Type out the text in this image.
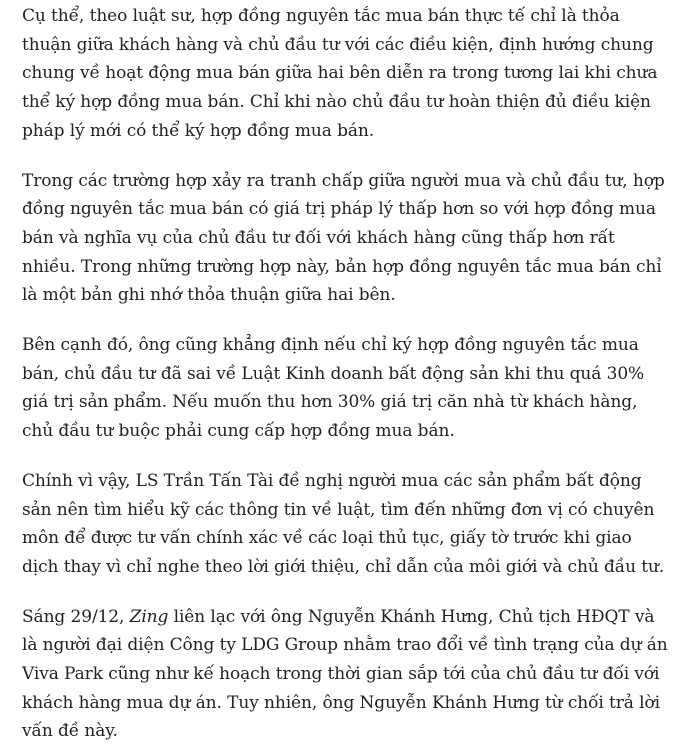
Cụ thể, theo luật sư, hợp đồng nguyên tắc mua bán thực tế chỉ là thỏa thuận giữa khách hàng và chủ đầu tư với các điều kiện, định hướng chung chung về hoạt động mua bán giữa hai bên diễn ra trong tương lai khi chưa thể ký hợp đồng mua bán. Chỉ khi nào chủ đầu tư hoàn thiện đủ điều kiện pháp lý mới có thể ký hợp đồng mua bán.

Trong các trường hợp xảy ra tranh chấp giữa người mua và chủ đầu tư, hợp đồng nguyên tắc mua bán có giá trị pháp lý thấp hơn so với hợp đồng mua bán và nghĩa vụ của chủ đầu tư đối với khách hàng cũng thấp hơn rất nhiều. Trong những trường hợp này, bản hợp đồng nguyên tắc mua bán chỉ là một bản ghi nhớ thỏa thuận giữa hai bên.

Bên cạnh đó, ông cũng khẳng định nếu chỉ ký hợp đồng nguyên tắc mua bán, chủ đầu tư đã sai về Luật Kinh doanh bất động sản khi thu quá 30% giá trị sản phẩm. Nếu muốn thu hơn 30% giá trị căn nhà từ khách hàng, chủ đầu tư buộc phải cung cấp hợp đồng mua bán.

Chính vì vậy, LS Trần Tấn Tài đề nghị người mua các sản phẩm bất động sản nên tìm hiểu kỹ các thông tin về luật, tìm đến những đơn vị có chuyên môn để được tư vấn chính xác về các loại thủ tục, giấy tờ trước khi giao dịch thay vì chỉ nghe theo lời giới thiệu, chỉ dẫn của môi giới và chủ đầu tư.

Sáng 29/12, Zing liên lạc với ông Nguyễn Khánh Hưng, Chủ tịch HĐQT và là người đại diện Công ty LDG Group nhằm trao đổi về tình trạng của dự án Viva Park cũng như kế hoạch trong thời gian sắp tới của chủ đầu tư đối với khách hàng mua dự án. Tuy nhiên, ông Nguyễn Khánh Hưng từ chối trả lời vấn đề này.
